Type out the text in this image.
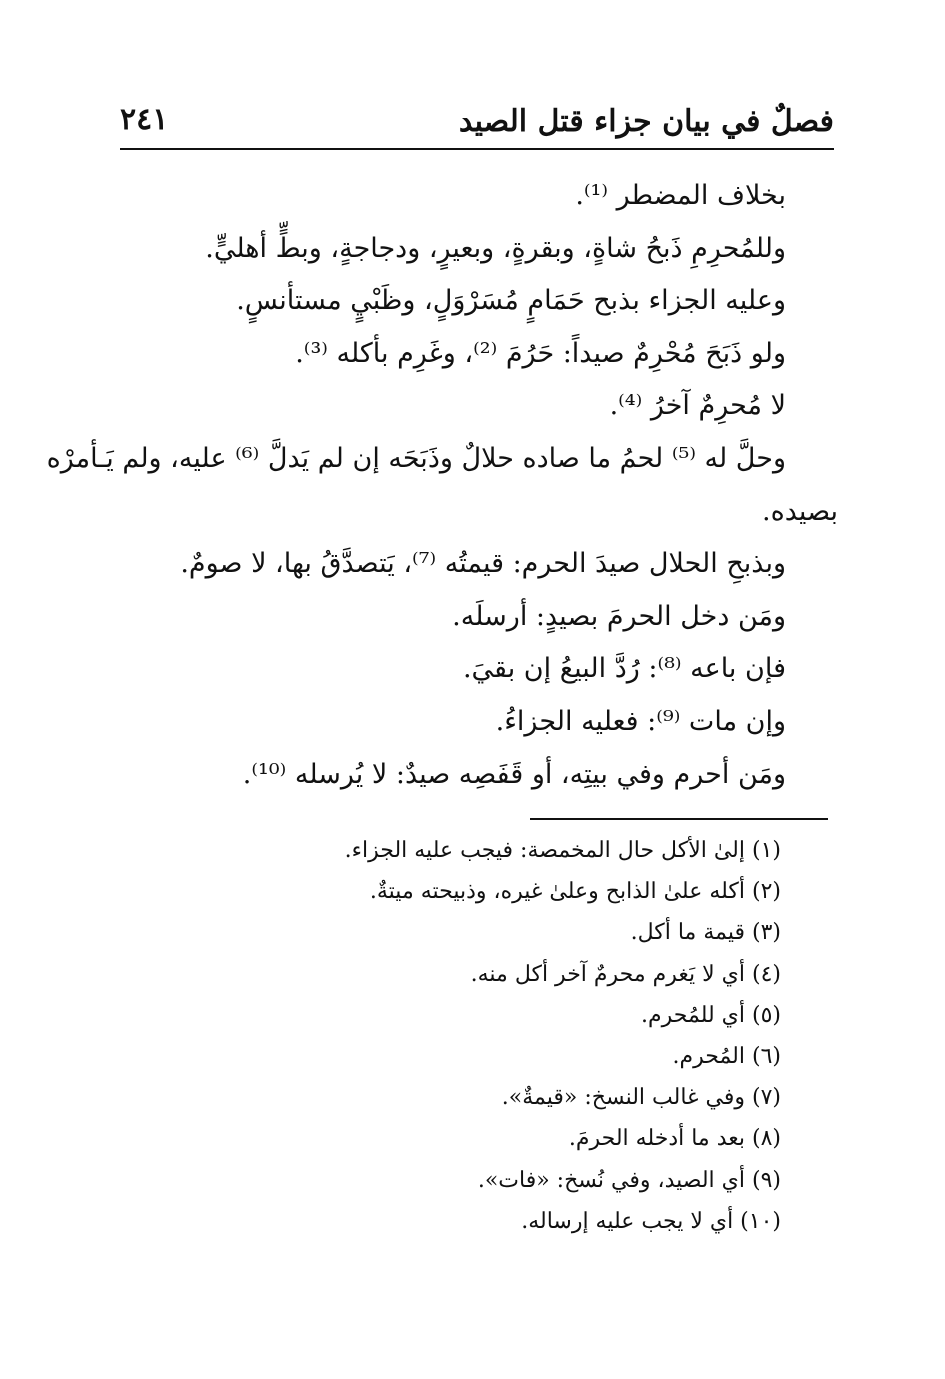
فصلٌ في بيان جزاء قتل الصيد
٢٤١
بخلاف المضطر ⁽¹⁾.
وللمُحرِمِ ذَبحُ شاةٍ، وبقرةٍ، وبعيرٍ، ودجاجةٍ، وبطٍّ أهليٍّ.
وعليه الجزاء بذبح حَمَامٍ مُسَرْوَلٍ، وظَبْيٍ مستأنسٍ.
ولو ذَبَحَ مُحْرِمٌ صيداً: حَرُمَ ⁽²⁾، وغَرِم بأكله ⁽³⁾.
لا مُحرِمٌ آخرُ ⁽⁴⁾.
وحلَّ له ⁽⁵⁾ لحمُ ما صاده حلالٌ وذَبَحَه إن لم يَدلَّ ⁽⁶⁾ عليه، ولم يَـأمرْه
بصيده.
وبذبحِ الحلال صيدَ الحرم: قيمتُه ⁽⁷⁾، يَتصدَّقُ بها، لا صومٌ.
ومَن دخل الحرمَ بصيدٍ: أرسلَه.
فإن باعه ⁽⁸⁾: رُدَّ البيعُ إن بقيَ.
وإن مات ⁽⁹⁾: فعليه الجزاءُ.
ومَن أحرم وفي بيتِه، أو قَفَصِه صيدٌ: لا يُرسله ⁽¹⁰⁾.
(١) إلىٰ الأكل حال المخمصة: فيجب عليه الجزاء.
(٢) أكله علىٰ الذابح وعلىٰ غيره، وذبيحته ميتةٌ.
(٣) قيمة ما أكل.
(٤) أي لا يَغرم محرمٌ آخر أكل منه.
(٥) أي للمُحرم.
(٦) المُحرم.
(٧) وفي غالب النسخ: «قيمةٌ».
(٨) بعد ما أدخله الحرمَ.
(٩) أي الصيد، وفي نُسخ: «فات».
(١٠) أي لا يجب عليه إرساله.
